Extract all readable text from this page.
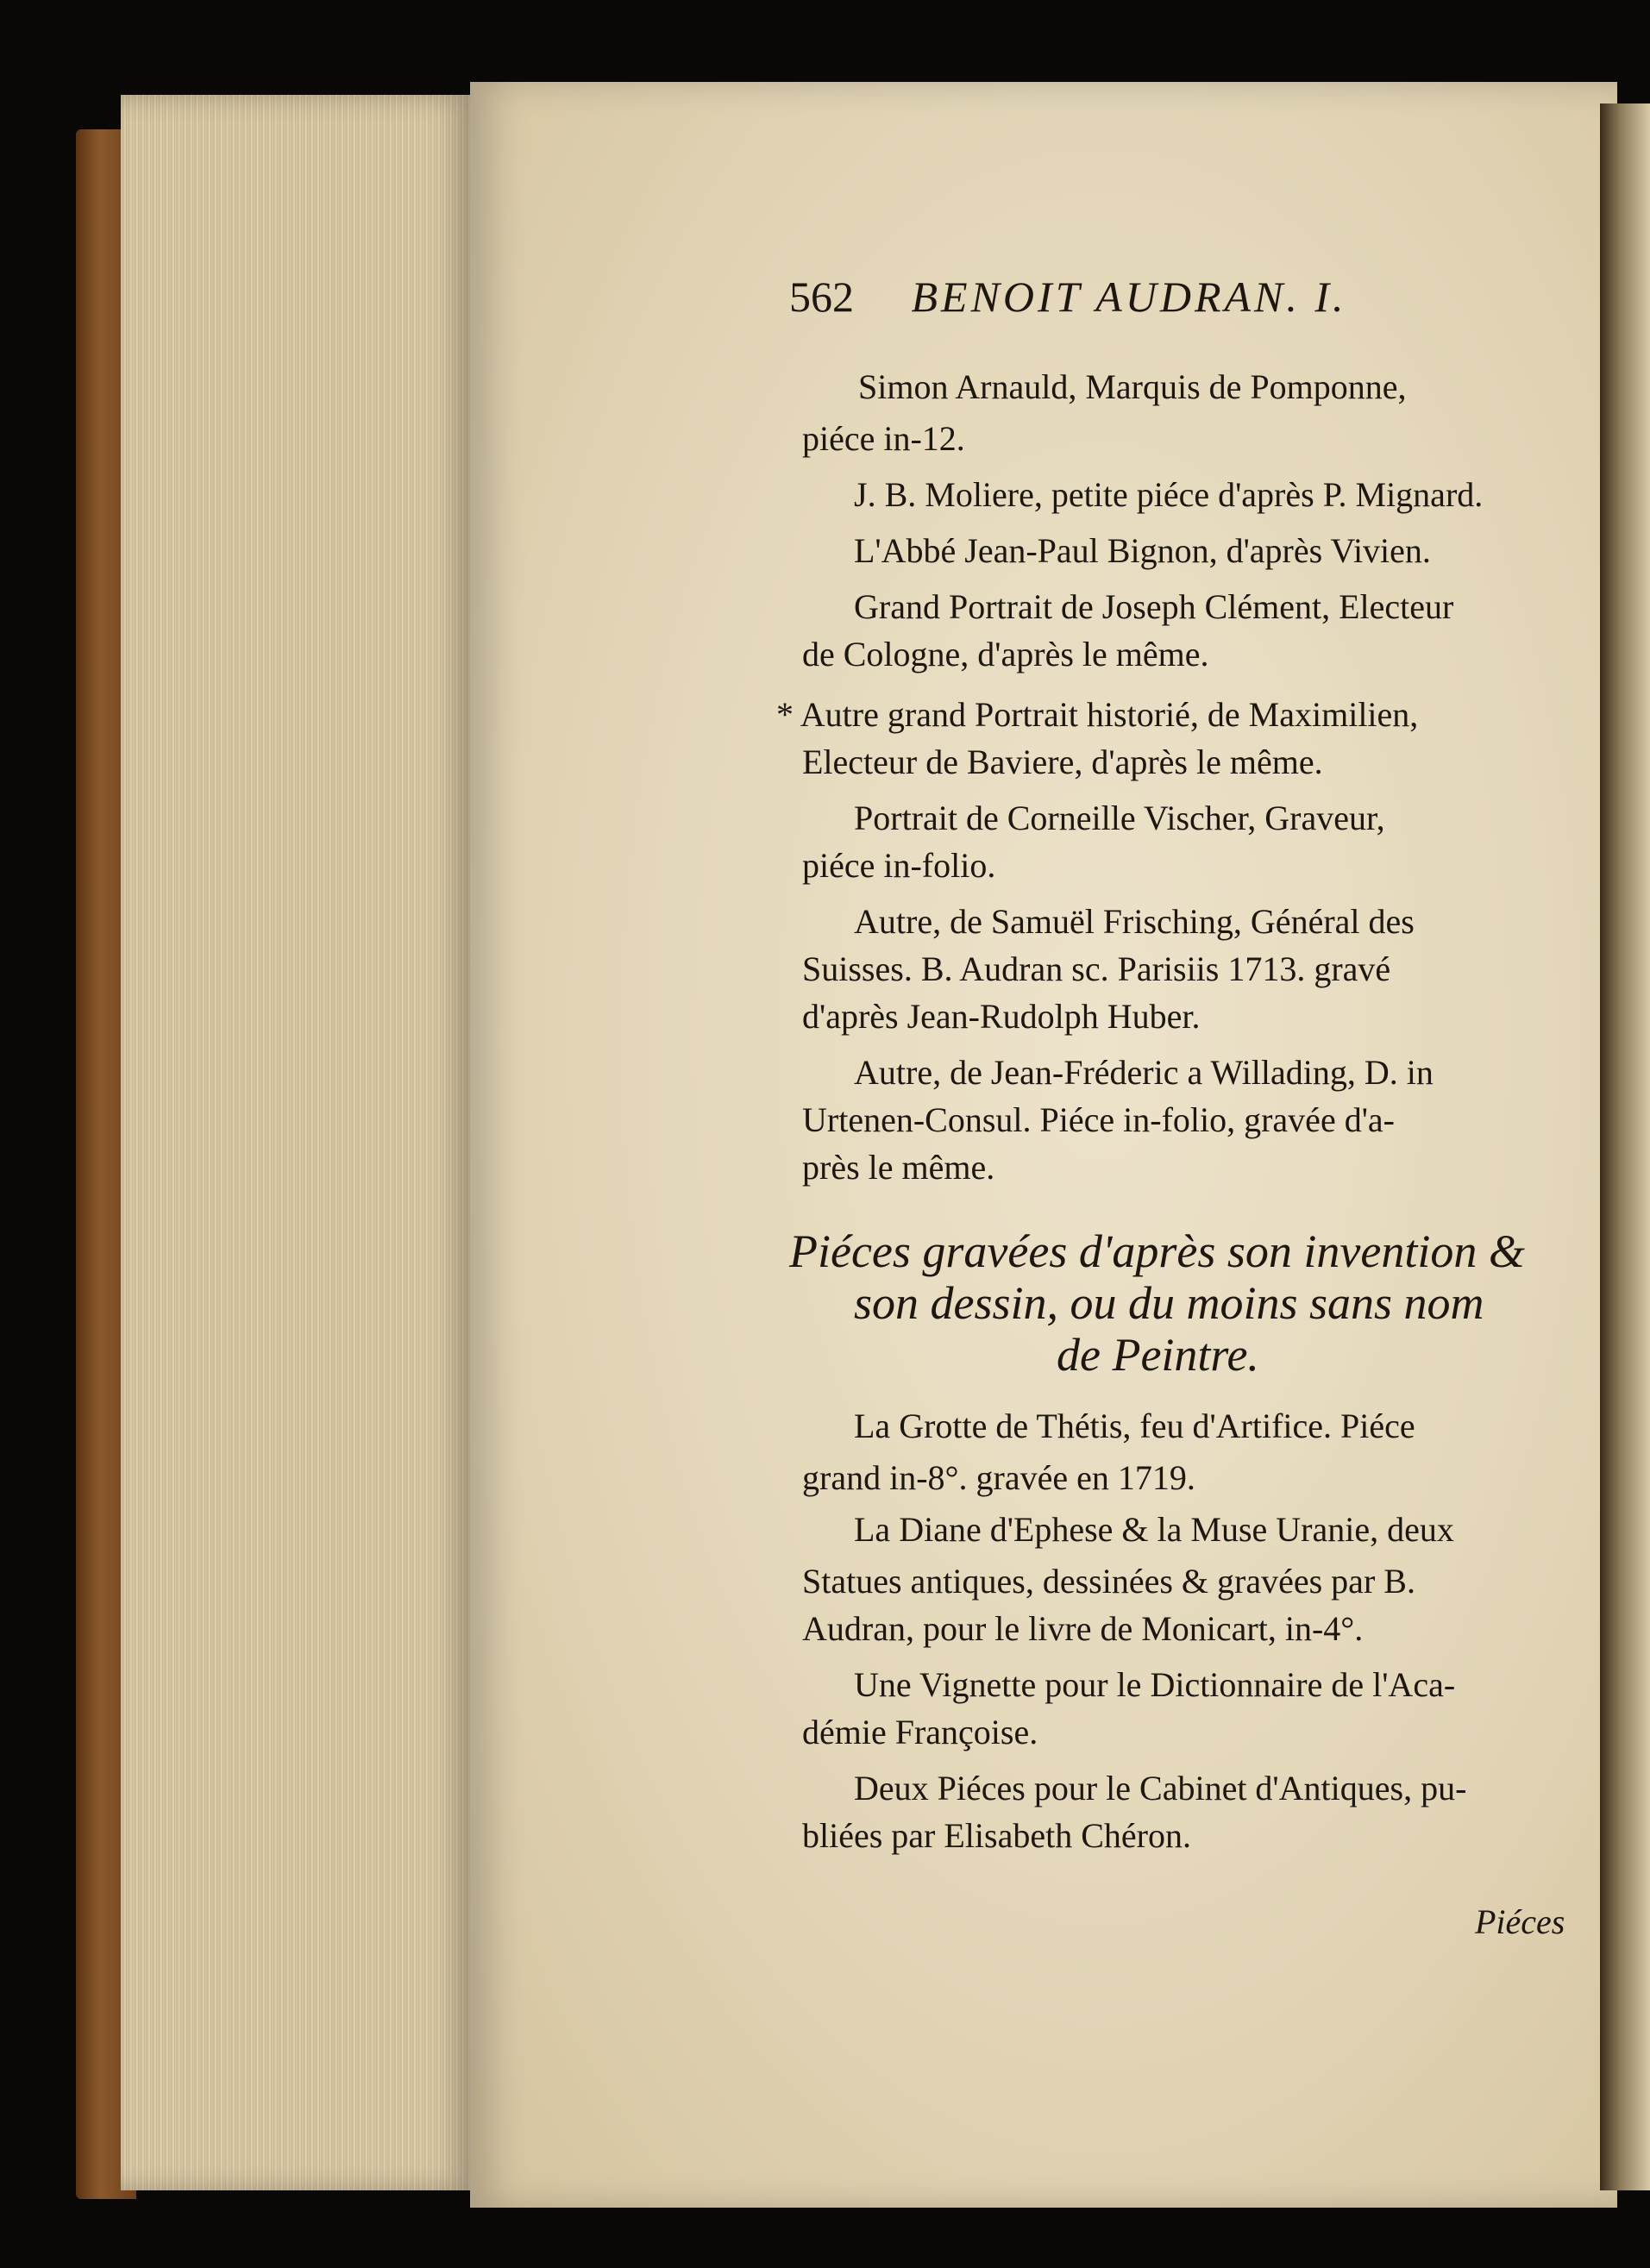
562 BENOIT AUDRAN. I.
Simon Arnauld, Marquis de Pomponne,
piéce in-12.
J. B. Moliere, petite piéce d'après P. Mignard.
L'Abbé Jean-Paul Bignon, d'après Vivien.
Grand Portrait de Joseph Clément, Electeur
de Cologne, d'après le même.
* Autre grand Portrait historié, de Maximilien,
Electeur de Baviere, d'après le même.
Portrait de Corneille Vischer, Graveur,
piéce in-folio.
Autre, de Samuël Frisching, Général des
Suisses. B. Audran sc. Parisiis 1713. gravé
d'après Jean-Rudolph Huber.
Autre, de Jean-Fréderic a Willading, D. in
Urtenen-Consul. Piéce in-folio, gravée d'a-
près le même.
Piéces gravées d'après son invention &
son dessin, ou du moins sans nom
de Peintre.
La Grotte de Thétis, feu d'Artifice. Piéce
grand in-8°. gravée en 1719.
La Diane d'Ephese & la Muse Uranie, deux
Statues antiques, dessinées & gravées par B.
Audran, pour le livre de Monicart, in-4°.
Une Vignette pour le Dictionnaire de l'Aca-
démie Françoise.
Deux Piéces pour le Cabinet d'Antiques, pu-
bliées par Elisabeth Chéron.
Piéces
